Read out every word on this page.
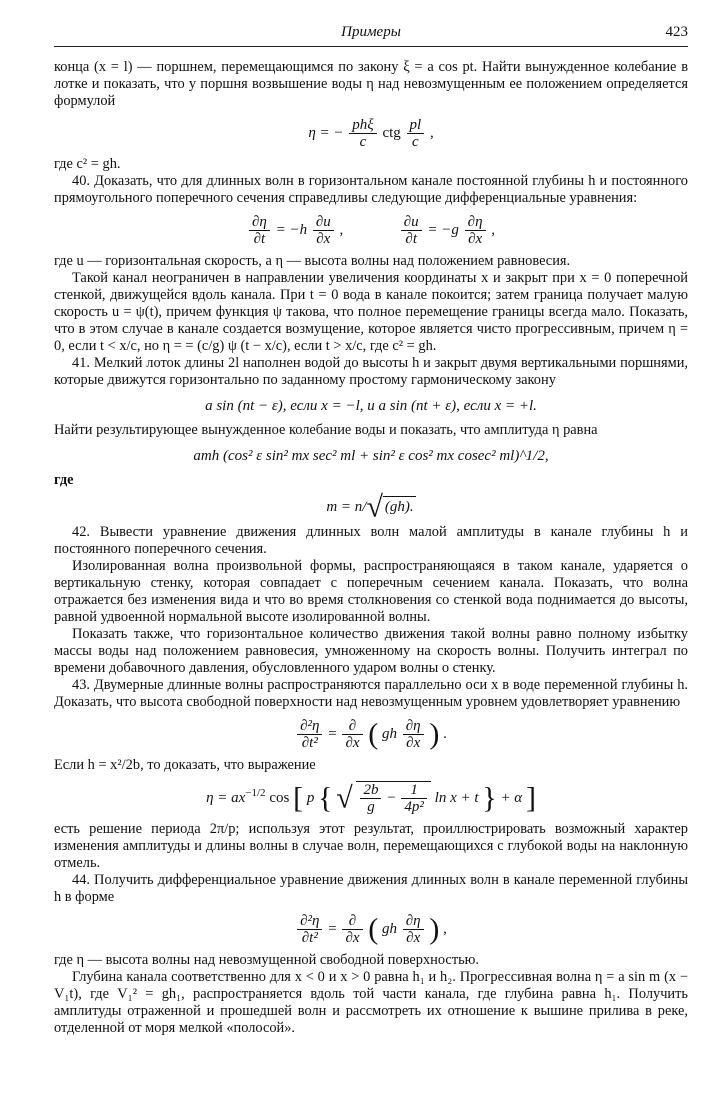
Примеры	423

конца (x = l) — поршнем, перемещающимся по закону ξ = a cos pt. Найти вынужденное колебание в лотке и показать, что у поршня возвышение воды η над невозмущенным ее положением определяется формулой

η = − $\frac{\text{phξ}}{c}$ ctg $\frac{pl}{c}$ ,

где c² = gh.

40. Доказать, что для длинных волн в горизонтальном канале постоянной глубины h и постоянного прямоугольного поперечного сечения справедливы следующие дифференциальные уравнения:

$\frac{\partial\eta}{\partial t} = -h \frac{\partial u}{\partial x}$ ,	$\frac{\partial u}{\partial t} = -g \frac{\partial\eta}{\partial x}$ ,

где u — горизонтальная скорость, а η — высота волны над положением равновесия.

Такой канал неограничен в направлении увеличения координаты x и закрыт при x = 0 поперечной стенкой, движущейся вдоль канала. При t = 0 вода в канале покоится; затем граница получает малую скорость u = ψ(t), причем функция ψ такова, что полное перемещение границы всегда мало. Показать, что в этом случае в канале создается возмущение, которое является чисто прогрессивным, причем η = 0, если t < x/c, но η = = (c/g) ψ (t − x/c), если t > x/c, где c² = gh.

41. Мелкий лоток длины 2l наполнен водой до высоты h и закрыт двумя вертикальными поршнями, которые движутся горизонтально по заданному простому гармоническому закону

a sin (nt − ε), если x = −l, и a sin (nt + ε), если x = +l.

Найти результирующее вынужденное колебание воды и показать, что амплитуда η равна

amh (cos² ε sin² mx sec² ml + sin² ε cos² mx cosec² ml)^1/2,

где

m = n/√ (gh).

42. Вывести уравнение движения длинных волн малой амплитуды в канале глубины h и постоянного поперечного сечения.

Изолированная волна произвольной формы, распространяющаяся в таком канале, ударяется о вертикальную стенку, которая совпадает с поперечным сечением канала. Показать, что волна отражается без изменения вида и что во время столкновения со стенкой вода поднимается до высоты, равной удвоенной нормальной высоте изолированной волны.

Показать также, что горизонтальное количество движения такой волны равно полному избытку массы воды над положением равновесия, умноженному на скорость волны. Получить интеграл по времени добавочного давления, обусловленного ударом волны о стенку.

43. Двумерные длинные волны распространяются параллельно оси x в воде переменной глубины h. Доказать, что высота свободной поверхности над невозмущенным уровнем удовлетворяет уравнению

$\frac{\text{∂²η}}{\text{∂t²}} = \frac{\partial}{\partial x}$ ( gh $\frac{\partial\eta}{\partial x}$ ) .

Если h = x²/2b, то доказать, что выражение

$\eta = ax^{-1/2}$ cos [ p { √ $\frac{2b}{g} - \frac{1}{\text{4p²}}$ ln x + t } + α ]

есть решение периода 2π/p; используя этот результат, проиллюстрировать возможный характер изменения амплитуды и длины волны в случае волн, перемещающихся с глубокой воды на наклонную отмель.

44. Получить дифференциальное уравнение движения длинных волн в канале переменной глубины h в форме

$\frac{\text{∂²η}}{\text{∂t²}} = \frac{\partial}{\partial x}$ ( gh $\frac{\partial\eta}{\partial x}$ ) ,

где η — высота волны над невозмущенной свободной поверхностью.

Глубина канала соответственно для x < 0 и x > 0 равна h₁ и h₂. Прогрессивная волна η = a sin m (x − V₁t), где V₁² = gh₁, распространяется вдоль той части канала, где глубина равна h₁. Получить амплитуды отраженной и прошедшей волн и рассмотреть их отношение к вышине прилива в реке, отделенной от моря мелкой «полосой».
